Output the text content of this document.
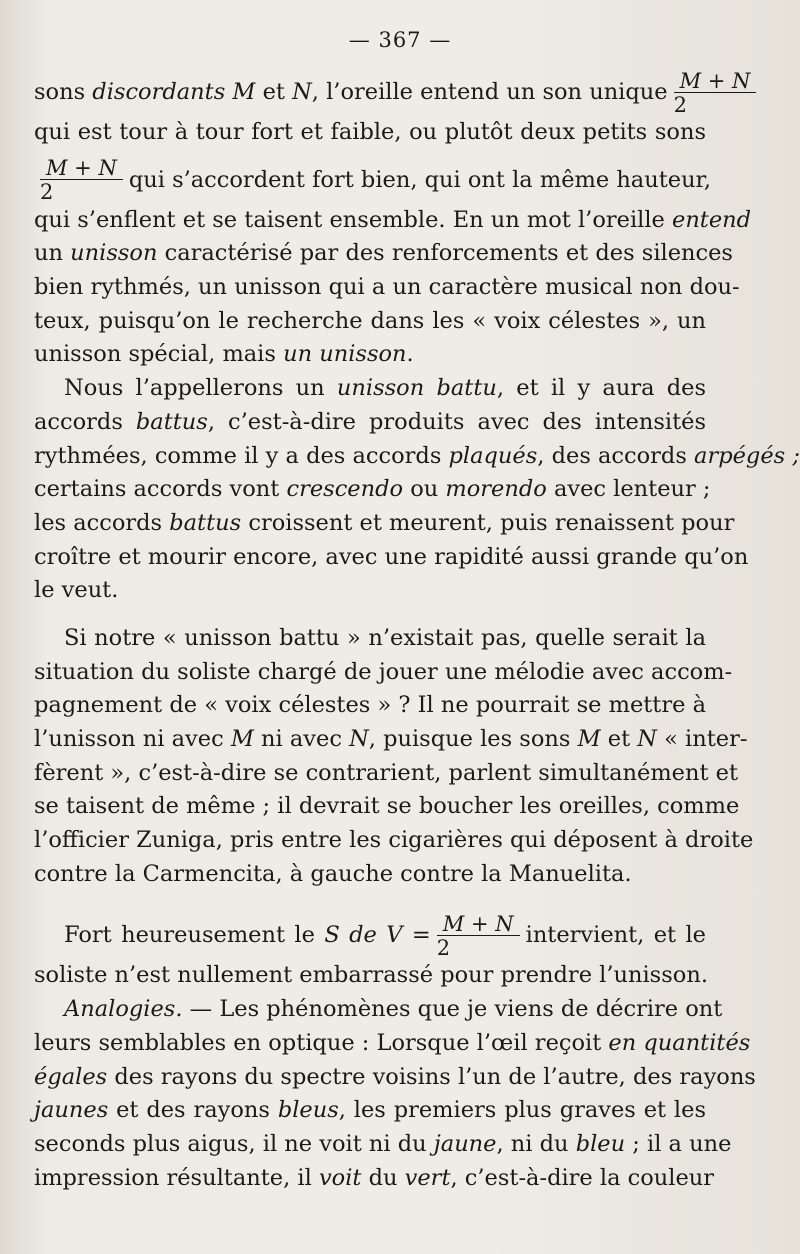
— 367 —
sons discordants M et N, l’oreille entend un son unique $\frac{M + N}{2}$
qui est tour à tour fort et faible, ou plutôt deux petits sons
$\frac{M + N}{2}$ qui s’accordent fort bien, qui ont la même hauteur,
qui s’enflent et se taisent ensemble. En un mot l’oreille entend
un unisson caractérisé par des renforcements et des silences
bien rythmés, un unisson qui a un caractère musical non dou-
teux, puisqu’on le recherche dans les « voix célestes », un
unisson spécial, mais un unisson.
Nous l’appellerons un unisson battu, et il y aura des
accords battus, c’est-à-dire produits avec des intensités
rythmées, comme il y a des accords plaqués, des accords arpégés ;
certains accords vont crescendo ou morendo avec lenteur ;
les accords battus croissent et meurent, puis renaissent pour
croître et mourir encore, avec une rapidité aussi grande qu’on
le veut.
Si notre « unisson battu » n’existait pas, quelle serait la
situation du soliste chargé de jouer une mélodie avec accom-
pagnement de « voix célestes » ? Il ne pourrait se mettre à
l’unisson ni avec M ni avec N, puisque les sons M et N « inter-
fèrent », c’est-à-dire se contrarient, parlent simultanément et
se taisent de même ; il devrait se boucher les oreilles, comme
l’officier Zuniga, pris entre les cigarières qui déposent à droite
contre la Carmencita, à gauche contre la Manuelita.
Fort heureusement le S de $V = \frac{M + N}{2}$ intervient, et le
soliste n’est nullement embarrassé pour prendre l’unisson.
Analogies. — Les phénomènes que je viens de décrire ont
leurs semblables en optique : Lorsque l’œil reçoit en quantités
égales des rayons du spectre voisins l’un de l’autre, des rayons
jaunes et des rayons bleus, les premiers plus graves et les
seconds plus aigus, il ne voit ni du jaune, ni du bleu ; il a une
impression résultante, il voit du vert, c’est-à-dire la couleur
